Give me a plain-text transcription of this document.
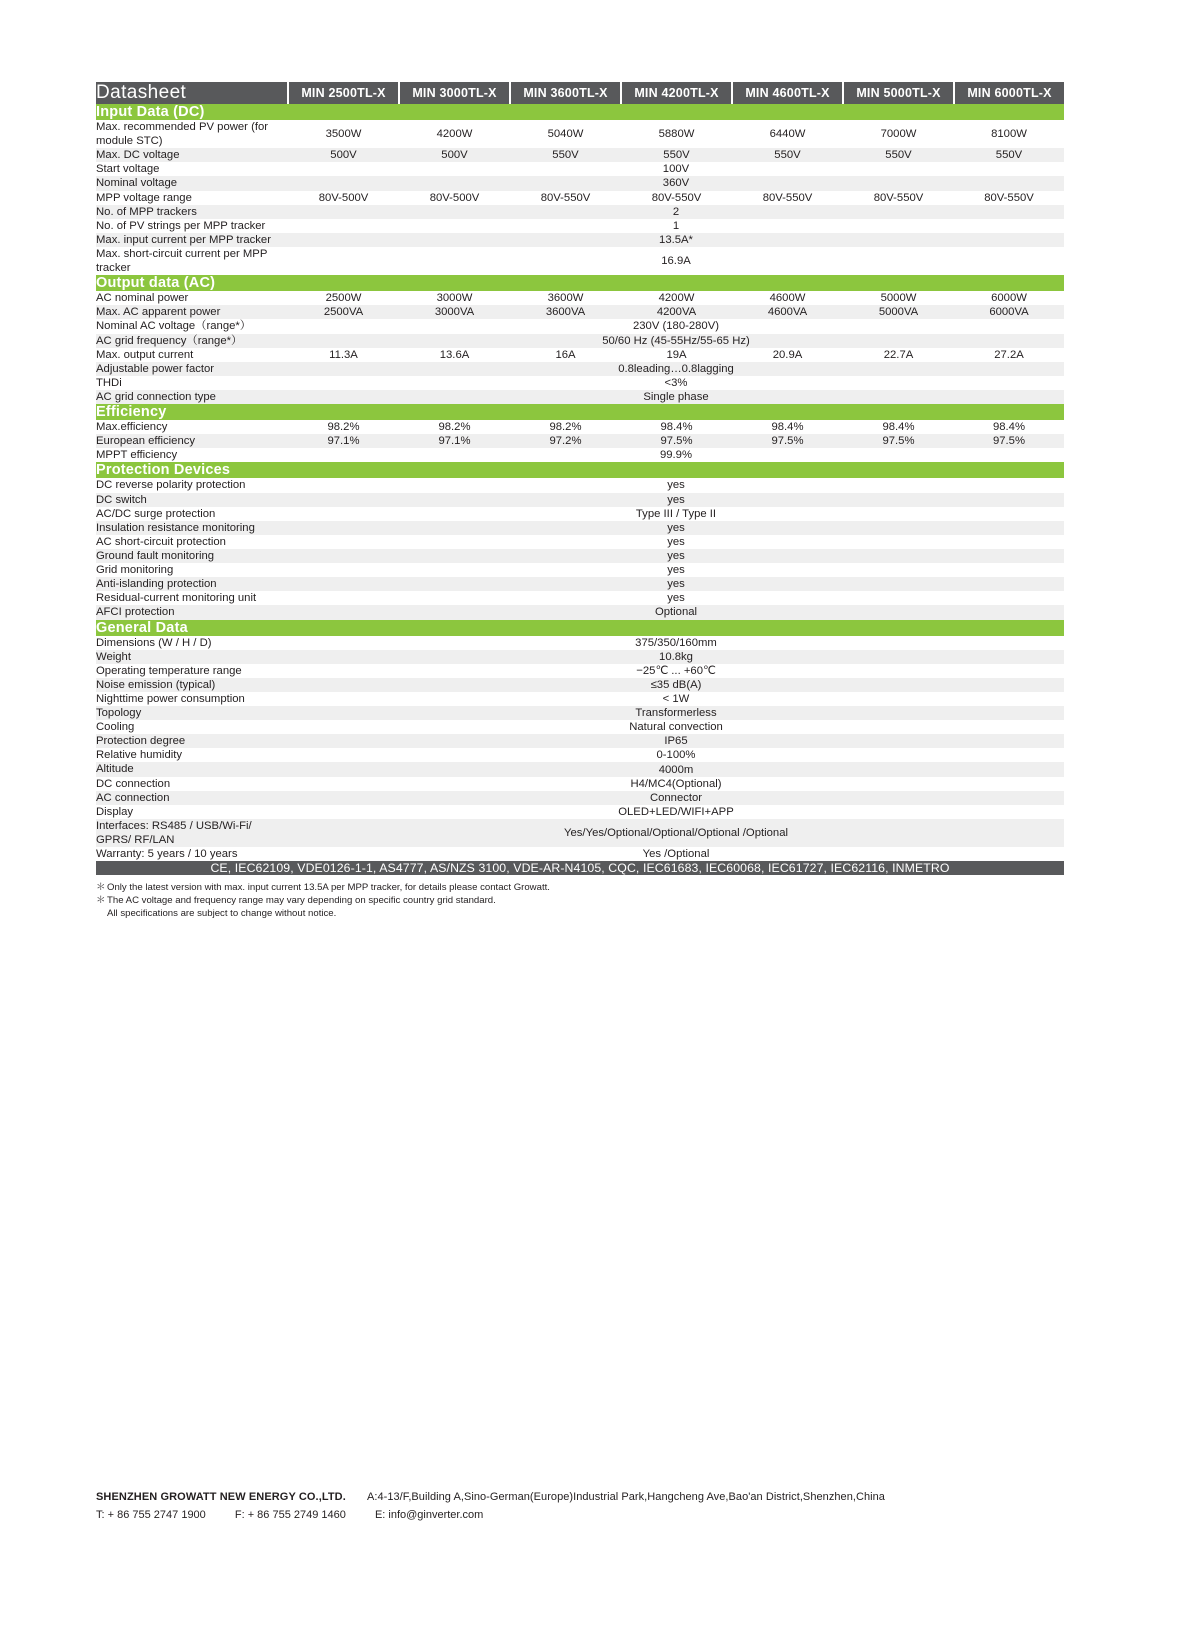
Datasheet	MIN 2500TL-X	MIN 3000TL-X	MIN 3600TL-X	MIN 4200TL-X	MIN 4600TL-X	MIN 5000TL-X	MIN 6000TL-X
Input Data (DC)							
Max. recommended PV power (for module STC)	3500W	4200W	5040W	5880W	6440W	7000W	8100W
Max. DC voltage	500V	500V	550V	550V	550V	550V	550V
Start voltage	100V						
Nominal voltage	360V						
MPP voltage range	80V-500V	80V-500V	80V-550V	80V-550V	80V-550V	80V-550V	80V-550V
No. of MPP trackers	2						
No. of PV strings per MPP tracker	1						
Max. input current per MPP tracker	13.5A*						
Max. short-circuit current per MPP tracker	16.9A						
Output data (AC)							
AC nominal power	2500W	3000W	3600W	4200W	4600W	5000W	6000W
Max. AC apparent power	2500VA	3000VA	3600VA	4200VA	4600VA	5000VA	6000VA
Nominal AC voltage（range*）	230V (180-280V)						
AC grid frequency（range*）	50/60 Hz (45-55Hz/55-65 Hz)						
Max. output current	11.3A	13.6A	16A	19A	20.9A	22.7A	27.2A
Adjustable power factor	0.8leading…0.8lagging						
THDi	<3%						
AC grid connection type	Single phase						
Efficiency							
Max.efficiency	98.2%	98.2%	98.2%	98.4%	98.4%	98.4%	98.4%
European efficiency	97.1%	97.1%	97.2%	97.5%	97.5%	97.5%	97.5%
MPPT efficiency	99.9%						
Protection Devices							
DC reverse polarity protection	yes						
DC switch	yes						
AC/DC surge protection	Type III / Type II						
Insulation resistance monitoring	yes						
AC short-circuit protection	yes						
Ground fault monitoring	yes						
Grid monitoring	yes						
Anti-islanding protection	yes						
Residual-current monitoring unit	yes						
AFCI protection	Optional						
General Data							
Dimensions (W / H / D)	375/350/160mm						
Weight	10.8kg						
Operating temperature range	−25℃ ... +60℃						
Noise emission (typical)	≤35 dB(A)						
Nighttime power consumption	< 1W						
Topology	Transformerless						
Cooling	Natural convection						
Protection degree	IP65						
Relative humidity	0-100%						
Altitude	4000m						
DC connection	H4/MC4(Optional)						
AC connection	Connector						
Display	OLED+LED/WIFI+APP						
Interfaces: RS485 / USB/Wi-Fi/ GPRS/ RF/LAN	Yes/Yes/Optional/Optional/Optional /Optional						
Warranty: 5 years / 10 years	Yes /Optional						
CE, IEC62109, VDE0126-1-1, AS4777, AS/NZS 3100, VDE-AR-N4105, CQC, IEC61683, IEC60068, IEC61727, IEC62116, INMETRO							
＊ Only the latest version with max. input current 13.5A per MPP tracker, for details please contact Growatt.
＊ The AC voltage and frequency range may vary depending on specific country grid standard.
All specifications are subject to change without notice.
SHENZHEN GROWATT NEW ENERGY CO.,LTD. A:4-13/F,Building A,Sino-German(Europe)Industrial Park,Hangcheng Ave,Bao'an District,Shenzhen,China
T: + 86 755 2747 1900	F: + 86 755 2749 1460	E: info@ginverter.com
